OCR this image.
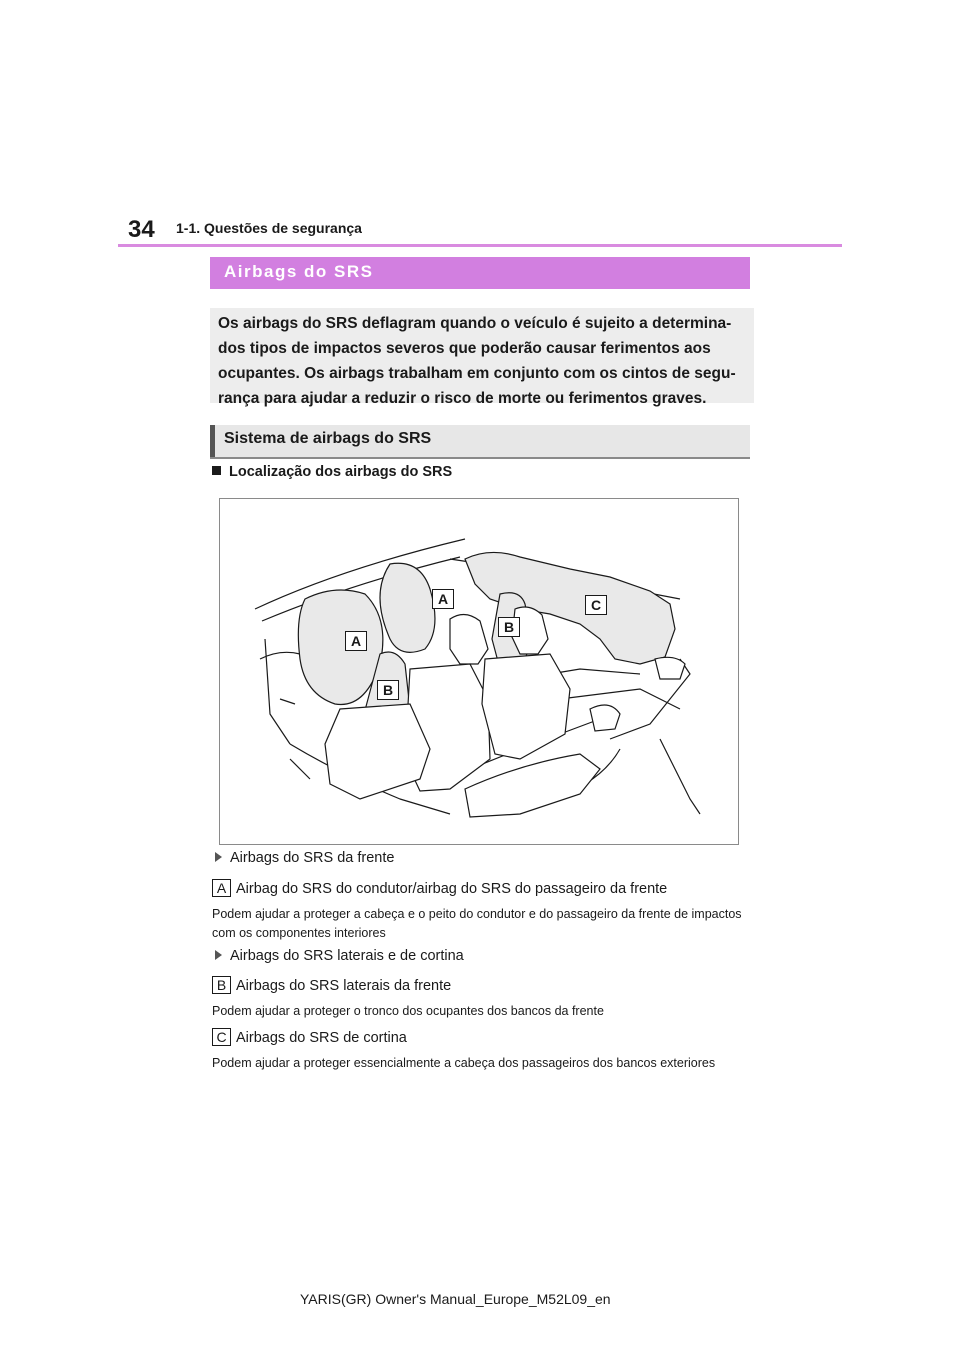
34 1-1. Questões de segurança
Airbags do SRS

Os airbags do SRS deflagram quando o veículo é sujeito a determina-dos tipos de impactos severos que poderão causar ferimentos aos ocupantes. Os airbags trabalham em conjunto com os cintos de segu-rança para ajudar a reduzir o risco de morte ou ferimentos graves.

Sistema de airbags do SRS
Localização dos airbags do SRS
A
A
B
B
C
Airbags do SRS da frente
A Airbag do SRS do condutor/airbag do SRS do passageiro da frente
Podem ajudar a proteger a cabeça e o peito do condutor e do passageiro da frente de impactos com os componentes interiores
Airbags do SRS laterais e de cortina
B Airbags do SRS laterais da frente
Podem ajudar a proteger o tronco dos ocupantes dos bancos da frente
C Airbags do SRS de cortina
Podem ajudar a proteger essencialmente a cabeça dos passageiros dos bancos exteriores
YARIS(GR) Owner's Manual_Europe_M52L09_en
